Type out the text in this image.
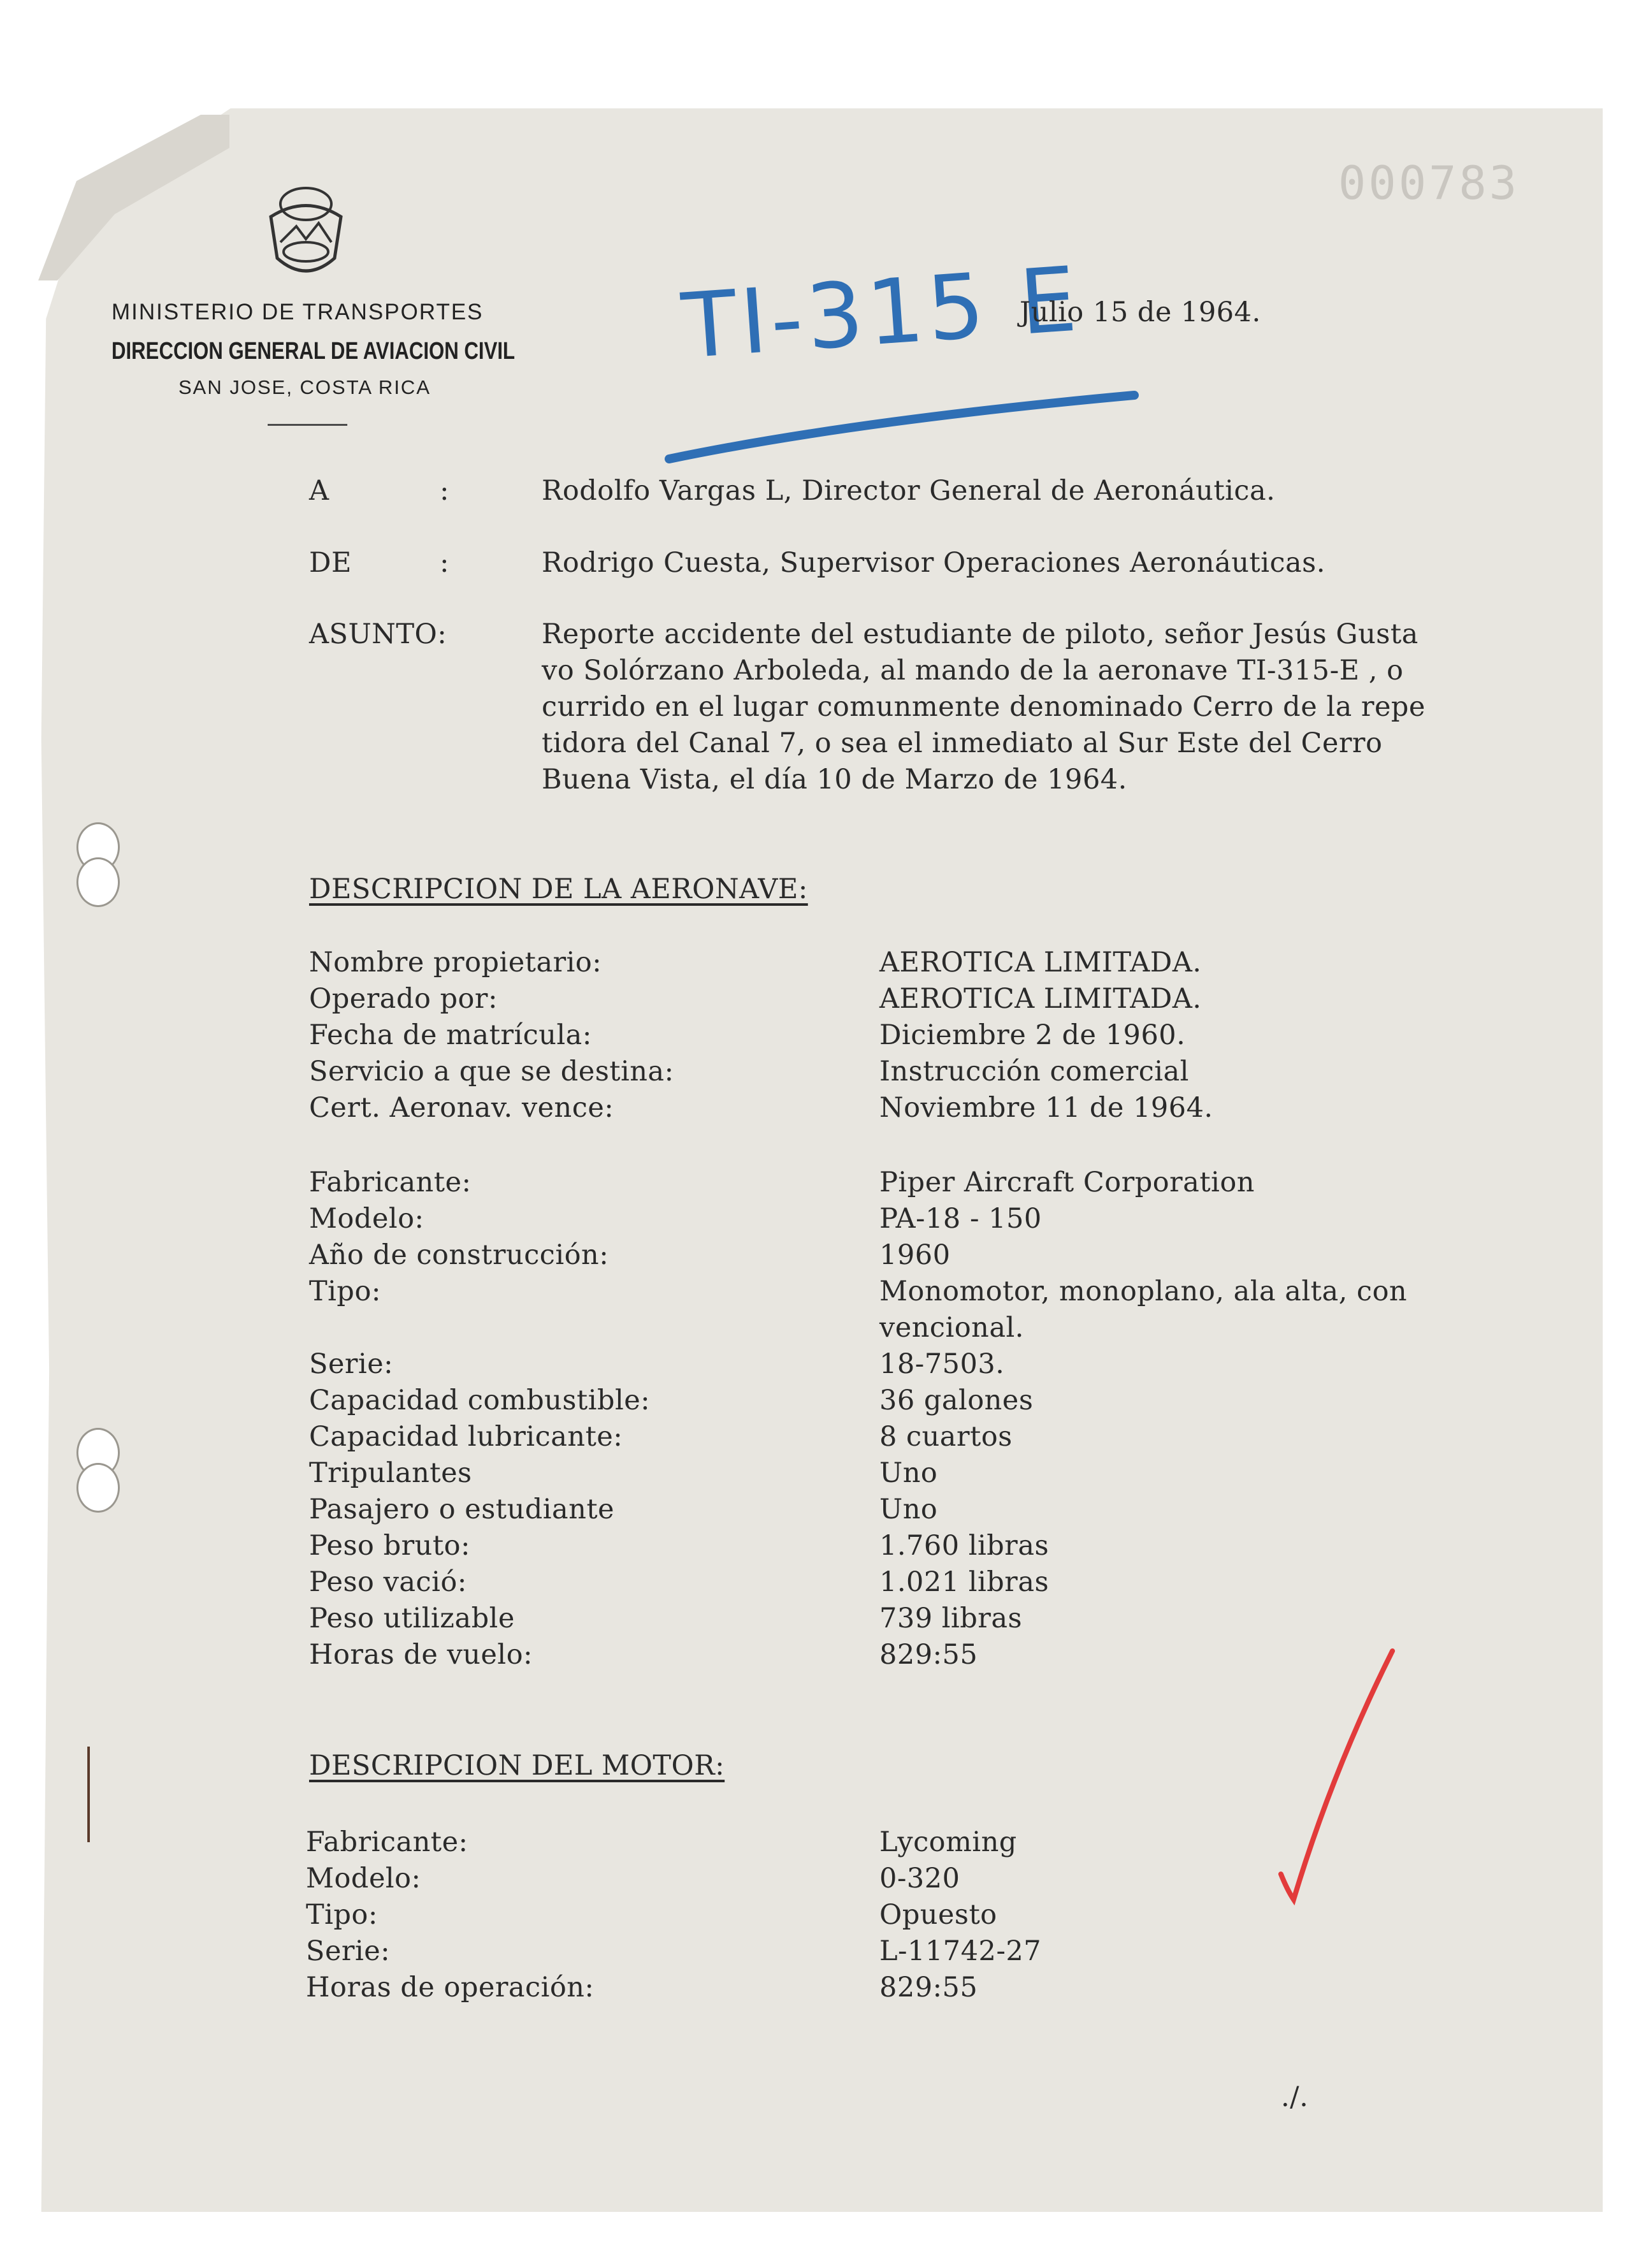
000783
MINISTERIO DE TRANSPORTES
DIRECCION GENERAL DE AVIACION CIVIL
SAN JOSE, COSTA RICA
TI-315 E
Julio 15 de 1964.
A	:	Rodolfo Vargas L, Director General de Aeronáutica.
DE	:	Rodrigo Cuesta, Supervisor Operaciones Aeronáuticas.
ASUNTO:	Reporte accidente del estudiante de piloto, señor Jesús Gusta
vo Solórzano Arboleda, al mando de la aeronave TI-315-E , o
currido en el lugar comunmente denominado Cerro de la repe
tidora del Canal 7, o sea el inmediato al Sur Este del Cerro
Buena Vista, el día 10 de Marzo de 1964.
DESCRIPCION DE LA AERONAVE:
Nombre propietario:	AEROTICA LIMITADA.
Operado por:	AEROTICA LIMITADA.
Fecha de matrícula:	Diciembre 2 de 1960.
Servicio a que se destina:	Instrucción comercial
Cert. Aeronav. vence:	Noviembre 11 de 1964.
Fabricante:	Piper Aircraft Corporation
Modelo:	PA-18 - 150
Año de construcción:	1960
Tipo:	Monomotor, monoplano, ala alta, con
vencional.
Serie:	18-7503.
Capacidad combustible:	36 galones
Capacidad lubricante:	8 cuartos
Tripulantes	Uno
Pasajero o estudiante	Uno
Peso bruto:	1.760 libras
Peso vació:	1.021 libras
Peso utilizable	739 libras
Horas de vuelo:	829:55
DESCRIPCION DEL MOTOR:
Fabricante:	Lycoming
Modelo:	0-320
Tipo:	Opuesto
Serie:	L-11742-27
Horas de operación:	829:55
./.
